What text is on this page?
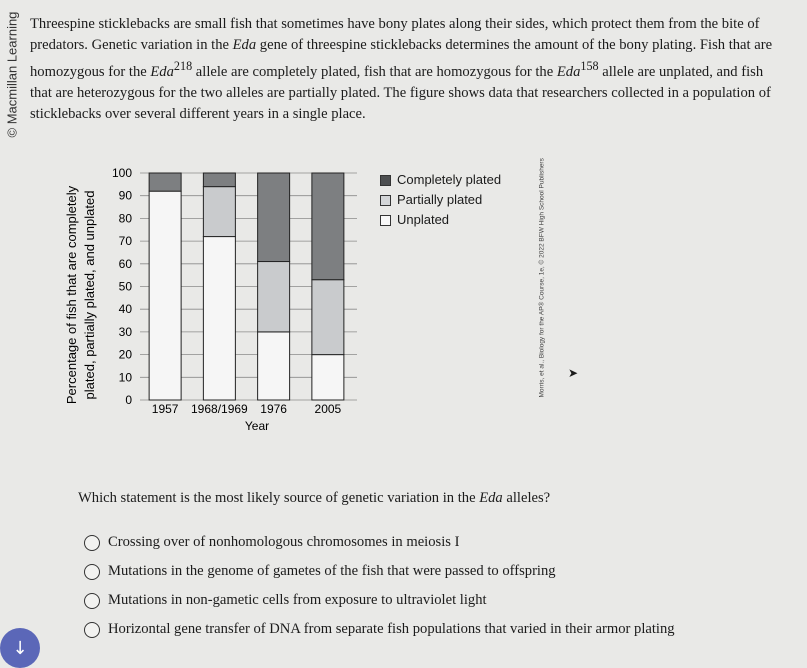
© Macmillan Learning Threespine sticklebacks are small fish that sometimes have bony plates along their sides, which protect them from the bite of

predators. Genetic variation in the Eda gene of threespine sticklebacks determines the amount of the bony plating. Fish that are

homozygous for the Eda$^{218}$ allele are completely plated, fish that are homozygous for the Eda$^{158}$ allele are unplated, and fish

that are heterozygous for the two alleles are partially plated. The figure shows data that researchers collected in a population of

sticklebacks over several different years in a single place.

Percentage of fish that are completely plated, partially plated, and unplated
0
10
20
30
40
50
60
70
80
90
100
1957 1968/1969 1976 2005
Year
Completely plated
Partially plated
Unplated	Morris, et al., Biology for the AP® Course, 1e, © 2022 BFW High School Publishers ➤
Which statement is the most likely source of genetic variation in the Eda alleles?
Crossing over of nonhomologous chromosomes in meiosis I
Mutations in the genome of gametes of the fish that were passed to offspring
Mutations in non-gametic cells from exposure to ultraviolet light
Horizontal gene transfer of DNA from separate fish populations that varied in their armor plating
↓
